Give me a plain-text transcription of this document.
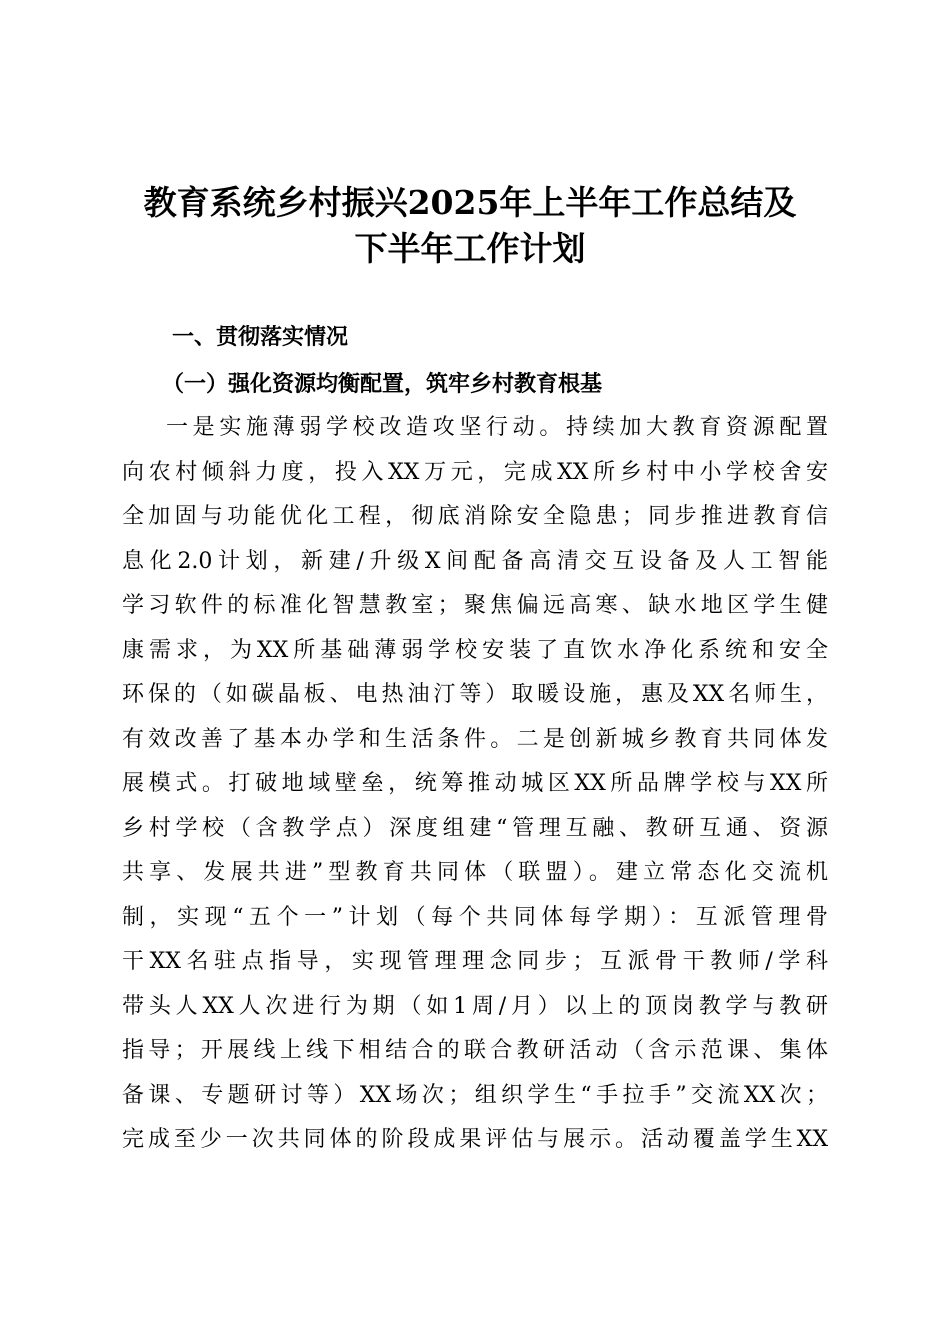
教育系统乡村振兴2025年上半年工作总结及
下半年工作计划
一、贯彻落实情况
（一）强化资源均衡配置，筑牢乡村教育根基
一是实施薄弱学校改造攻坚行动。持续加大教育资源配置
向农村倾斜力度，投入XX万元，完成XX所乡村中小学校舍安
全加固与功能优化工程，彻底消除安全隐患；同步推进教育信
息化2.0计划，新建/升级X间配备高清交互设备及人工智能
学习软件的标准化智慧教室；聚焦偏远高寒、缺水地区学生健
康需求，为XX所基础薄弱学校安装了直饮水净化系统和安全
环保的（如碳晶板、电热油汀等）取暖设施，惠及XX名师生，
有效改善了基本办学和生活条件。二是创新城乡教育共同体发
展模式。打破地域壁垒，统筹推动城区XX所品牌学校与XX所
乡村学校（含教学点）深度组建“管理互融、教研互通、资源
共享、发展共进”型教育共同体（联盟）。建立常态化交流机
制，实现“五个一”计划（每个共同体每学期）：互派管理骨
干XX名驻点指导，实现管理理念同步；互派骨干教师/学科
带头人XX人次进行为期（如1周/月）以上的顶岗教学与教研
指导；开展线上线下相结合的联合教研活动（含示范课、集体
备课、专题研讨等）XX场次；组织学生“手拉手”交流XX次；
完成至少一次共同体的阶段成果评估与展示。活动覆盖学生XX
